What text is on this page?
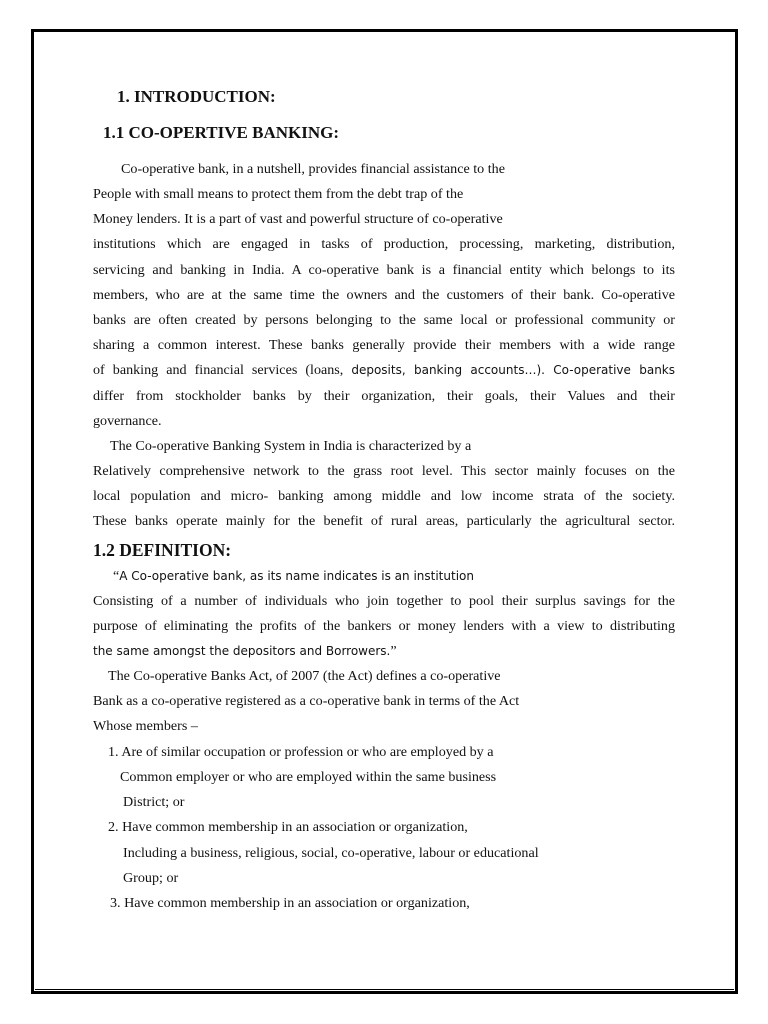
1. INTRODUCTION:
1.1 CO-OPERTIVE BANKING:
Co-operative bank, in a nutshell, provides financial assistance to the
People with small means to protect them from the debt trap of the
Money lenders. It is a part of vast and powerful structure of co-operative
institutions which are engaged in tasks of production, processing, marketing, distribution,
servicing and banking in India. A co-operative bank is a financial entity which belongs to its
members, who are at the same time the owners and the customers of their bank. Co-operative
banks are often created by persons belonging to the same local or professional community or
sharing a common interest. These banks generally provide their members with a wide range
of banking and financial services (loans, deposits, banking accounts…). Co-operative banks
differ from stockholder banks by their organization, their goals, their Values and their
governance.
The Co-operative Banking System in India is characterized by a
Relatively comprehensive network to the grass root level. This sector mainly focuses on the
local population and micro- banking among middle and low income strata of the society.
These banks operate mainly for the benefit of rural areas, particularly the agricultural sector.
1.2 DEFINITION:
“A Co-operative bank, as its name indicates is an institution
Consisting of a number of individuals who join together to pool their surplus savings for the
purpose of eliminating the profits of the bankers or money lenders with a view to distributing
the same amongst the depositors and Borrowers.”
The Co-operative Banks Act, of 2007 (the Act) defines a co-operative
Bank as a co-operative registered as a co-operative bank in terms of the Act
Whose members –
1. Are of similar occupation or profession or who are employed by a
Common employer or who are employed within the same business
District; or
2. Have common membership in an association or organization,
Including a business, religious, social, co-operative, labour or educational
Group; or
3. Have common membership in an association or organization,
